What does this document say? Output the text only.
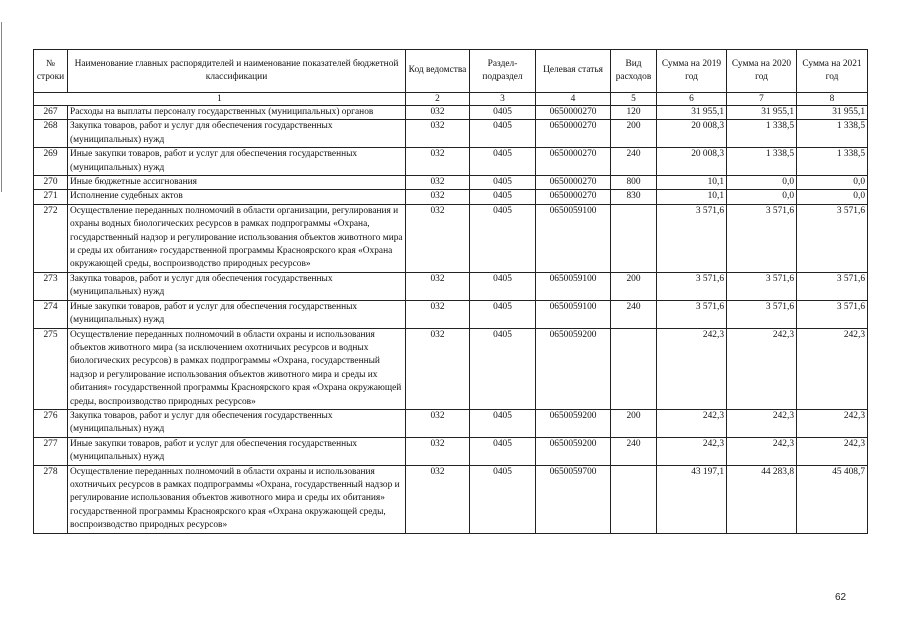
№ строки	Наименование главных распорядителей и наименование показателей бюджетной классификации	Код ведомства	Раздел-подраздел	Целевая статья	Вид расходов	Сумма на 2019 год	Сумма на 2020 год	Сумма на 2021 год
1		2	3	4	5	6	7	8
267	Расходы на выплаты персоналу государственных (муниципальных) органов	032	0405	0650000270	120	31 955,1	31 955,1	31 955,1
268	Закупка товаров, работ и услуг для обеспечения государственных (муниципальных) нужд	032	0405	0650000270	200	20 008,3	1 338,5	1 338,5
269	Иные закупки товаров, работ и услуг для обеспечения государственных (муниципальных) нужд	032	0405	0650000270	240	20 008,3	1 338,5	1 338,5
270	Иные бюджетные ассигнования	032	0405	0650000270	800	10,1	0,0	0,0
271	Исполнение судебных актов	032	0405	0650000270	830	10,1	0,0	0,0
272	Осуществление переданных полномочий в области организации, регулирования и охраны водных биологических ресурсов в рамках подпрограммы «Охрана, государственный надзор и регулирование использования объектов животного мира и среды их обитания» государственной программы Красноярского края «Охрана окружающей среды, воспроизводство природных ресурсов»	032	0405	0650059100		3 571,6	3 571,6	3 571,6
273	Закупка товаров, работ и услуг для обеспечения государственных (муниципальных) нужд	032	0405	0650059100	200	3 571,6	3 571,6	3 571,6
274	Иные закупки товаров, работ и услуг для обеспечения государственных (муниципальных) нужд	032	0405	0650059100	240	3 571,6	3 571,6	3 571,6
275	Осуществление переданных полномочий в области охраны и использования объектов животного мира (за исключением охотничьих ресурсов и водных биологических ресурсов) в рамках подпрограммы «Охрана, государственный надзор и регулирование использования объектов животного мира и среды их обитания» государственной программы Красноярского края «Охрана окружающей среды, воспроизводство природных ресурсов»	032	0405	0650059200		242,3	242,3	242,3
276	Закупка товаров, работ и услуг для обеспечения государственных (муниципальных) нужд	032	0405	0650059200	200	242,3	242,3	242,3
277	Иные закупки товаров, работ и услуг для обеспечения государственных (муниципальных) нужд	032	0405	0650059200	240	242,3	242,3	242,3
278	Осуществление переданных полномочий в области охраны и использования охотничьих ресурсов в рамках подпрограммы «Охрана, государственный надзор и регулирование использования объектов животного мира и среды их обитания» государственной программы Красноярского края «Охрана окружающей среды, воспроизводство природных ресурсов»	032	0405	0650059700		43 197,1	44 283,8	45 408,7
62
